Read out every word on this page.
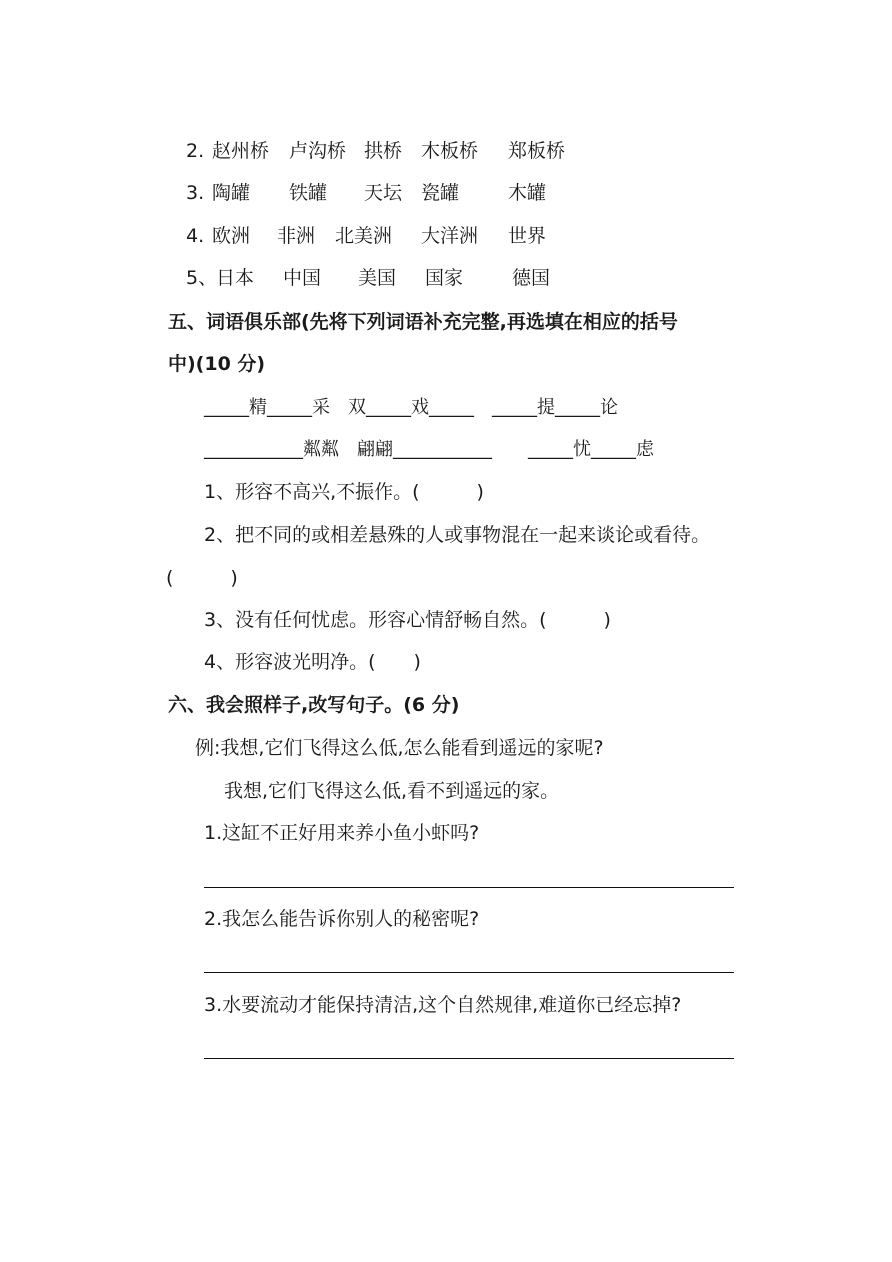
2. 赵州桥 卢沟桥 拱桥 木板桥 郑板桥
3. 陶罐 铁罐 天坛 瓷罐	木罐
4. 欧洲 非洲 北美洲 大洋洲 世界
5、
日本 中国 美国 国家	德国
五、词语俱乐部(先将下列词语补充完整,再选填在相应的括号
中)(10 分)
_____精_____采　双_____戏_____　_____提_____论
___________粼粼　翩翩___________　　_____忧_____虑
1、形容不高兴,不振作。(　　　)
2、把不同的或相差悬殊的人或事物混在一起来谈论或看待。
(　　　)
3、没有任何忧虑。形容心情舒畅自然。(　　　)
4、形容波光明净。(　　)
六、我会照样子,改写句子。(6 分)
例:我想,它们飞得这么低,怎么能看到遥远的家呢?
我想,它们飞得这么低,看不到遥远的家。
1.这缸不正好用来养小鱼小虾吗?
2.我怎么能告诉你别人的秘密呢?
3.水要流动才能保持清洁,这个自然规律,难道你已经忘掉?
